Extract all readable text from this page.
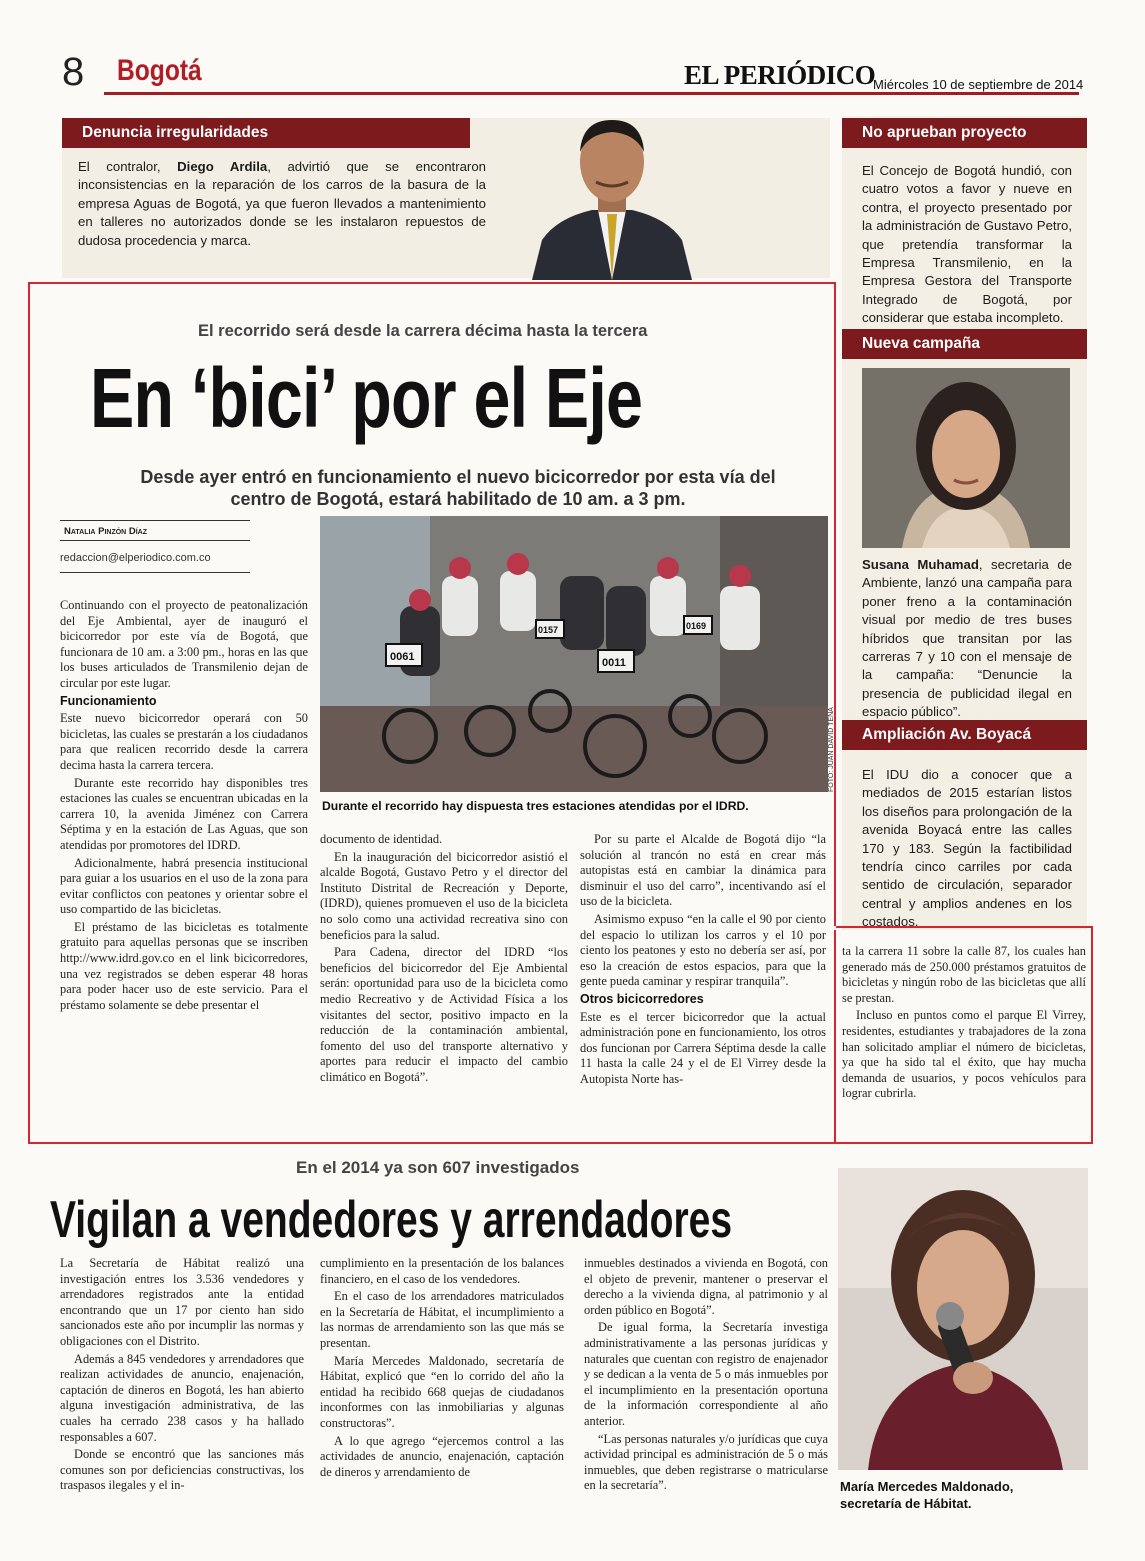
8 Bogotá	EL PERIÓDICO
Miércoles 10 de septiembre de 2014
Denuncia irregularidades
El contralor, Diego Ardila, advirtió que se encontraron inconsistencias en la reparación de los carros de la basura de la empresa Aguas de Bogotá, ya que fueron llevados a mantenimiento en talleres no autorizados donde se les instalaron repuestos de dudosa procedencia y marca.
No aprueban proyecto
El Concejo de Bogotá hundió, con cuatro votos a favor y nueve en contra, el proyecto presentado por la administración de Gustavo Petro, que pretendía transformar la Empresa Transmilenio, en la Empresa Gestora del Transporte Integrado de Bogotá, por considerar que estaba incompleto.
Nueva campaña
Susana Muhamad, secretaria de Ambiente, lanzó una campaña para poner freno a la contaminación visual por medio de tres buses híbridos que transitan por las carreras 7 y 10 con el mensaje de la campaña: “Denuncie la presencia de publicidad ilegal en espacio público”.
Ampliación Av. Boyacá
El IDU dio a conocer que a mediados de 2015 estarían listos los diseños para prolongación de la avenida Boyacá entre las calles 170 y 183. Según la factibilidad tendría cinco carriles por cada sentido de circulación, separador central y amplios andenes en los costados.
El recorrido será desde la carrera décima hasta la tercera
En ‘bici’ por el Eje
Desde ayer entró en funcionamiento el nuevo bicicorredor por esta vía del centro de Bogotá, estará habilitado de 10 am. a 3 pm.
Natalia Pinzón Díaz
redaccion@elperiodico.com.co
0061	0011
0157	0169
FOTO: JUAN DAVID TENA
Durante el recorrido hay dispuesta tres estaciones atendidas por el IDRD.

Continuando con el proyecto de peatonalización del Eje Ambiental, ayer de inauguró el bicicorredor por este vía de Bogotá, que funcionara de 10 am. a 3:00 pm., horas en las que los buses articulados de Transmilenio dejan de circular por este lugar.

Funcionamiento

Este nuevo bicicorredor operará con 50 bicicletas, las cuales se prestarán a los ciudadanos para que realicen recorrido desde la carrera decima hasta la carrera tercera.

Durante este recorrido hay disponibles tres estaciones las cuales se encuentran ubicadas en la carrera 10, la avenida Jiménez con Carrera Séptima y en la estación de Las Aguas, que son atendidas por promotores del IDRD.

Adicionalmente, habrá presencia institucional para guiar a los usuarios en el uso de la zona para evitar conflictos con peatones y orientar sobre el uso compartido de las bicicletas.

El préstamo de las bicicletas es totalmente gratuito para aquellas personas que se inscriben http://www.idrd.gov.co en el link bicicorredores, una vez registrados se deben esperar 48 horas para poder hacer uso de este servicio. Para el préstamo solamente se debe presentar el

documento de identidad.

En la inauguración del bicicorredor asistió el alcalde Bogotá, Gustavo Petro y el director del Instituto Distrital de Recreación y Deporte, (IDRD), quienes promueven el uso de la bicicleta no solo como una actividad recreativa sino con beneficios para la salud.

Para Cadena, director del IDRD “los beneficios del bicicorredor del Eje Ambiental serán: oportunidad para uso de la bicicleta como medio Recreativo y de Actividad Física a los visitantes del sector, positivo impacto en la reducción de la contaminación ambiental, fomento del uso del transporte alternativo y aportes para reducir el impacto del cambio climático en Bogotá”.

Por su parte el Alcalde de Bogotá dijo “la solución al trancón no está en crear más autopistas está en cambiar la dinámica para disminuir el uso del carro”, incentivando así el uso de la bicicleta.

Asimismo expuso “en la calle el 90 por ciento del espacio lo utilizan los carros y el 10 por ciento los peatones y esto no debería ser así, por eso la creación de estos espacios, para que la gente pueda caminar y respirar tranquila”.

Otros bicicorredores

Este es el tercer bicicorredor que la actual administración pone en funcionamiento, los otros dos funcionan por Carrera Séptima desde la calle 11 hasta la calle 24 y el de El Virrey desde la Autopista Norte has-

ta la carrera 11 sobre la calle 87, los cuales han generado más de 250.000 préstamos gratuitos de bicicletas y ningún robo de las bicicletas que allí se prestan.

Incluso en puntos como el parque El Virrey, residentes, estudiantes y trabajadores de la zona han solicitado ampliar el número de bicicletas, ya que ha sido tal el éxito, que hay mucha demanda de usuarios, y pocos vehículos para lograr cubrirla.

En el 2014 ya son 607 investigados
Vigilan a vendedores y arrendadores

La Secretaría de Hábitat realizó una investigación entres los 3.536 vendedores y arrendadores registrados ante la entidad encontrando que un 17 por ciento han sido sancionados este año por incumplir las normas y obligaciones con el Distrito.

Además a 845 vendedores y arrendadores que realizan actividades de anuncio, enajenación, captación de dineros en Bogotá, les han abierto alguna investigación administrativa, de las cuales ha cerrado 238 casos y ha hallado responsables a 607.

Donde se encontró que las sanciones más comunes son por deficiencias constructivas, los traspasos ilegales y el in-

cumplimiento en la presentación de los balances financiero, en el caso de los vendedores.

En el caso de los arrendadores matriculados en la Secretaría de Hábitat, el incumplimiento a las normas de arrendamiento son las que más se presentan.

María Mercedes Maldonado, secretaría de Hábitat, explicó que “en lo corrido del año la entidad ha recibido 668 quejas de ciudadanos inconformes con las inmobiliarias y algunas constructoras”.

A lo que agrego “ejercemos control a las actividades de anuncio, enajenación, captación de dineros y arrendamiento de

inmuebles destinados a vivienda en Bogotá, con el objeto de prevenir, mantener o preservar el derecho a la vivienda digna, al patrimonio y al orden público en Bogotá”.

De igual forma, la Secretaría investiga administrativamente a las personas jurídicas y naturales que cuentan con registro de enajenador y se dedican a la venta de 5 o más inmuebles por el incumplimiento en la presentación oportuna de la información correspondiente al año anterior.

“Las personas naturales y/o jurídicas que cuya actividad principal es administración de 5 o más inmuebles, que deben registrarse o matricularse en la secretaría”.	María Mercedes Maldonado,
secretaría de Hábitat.
